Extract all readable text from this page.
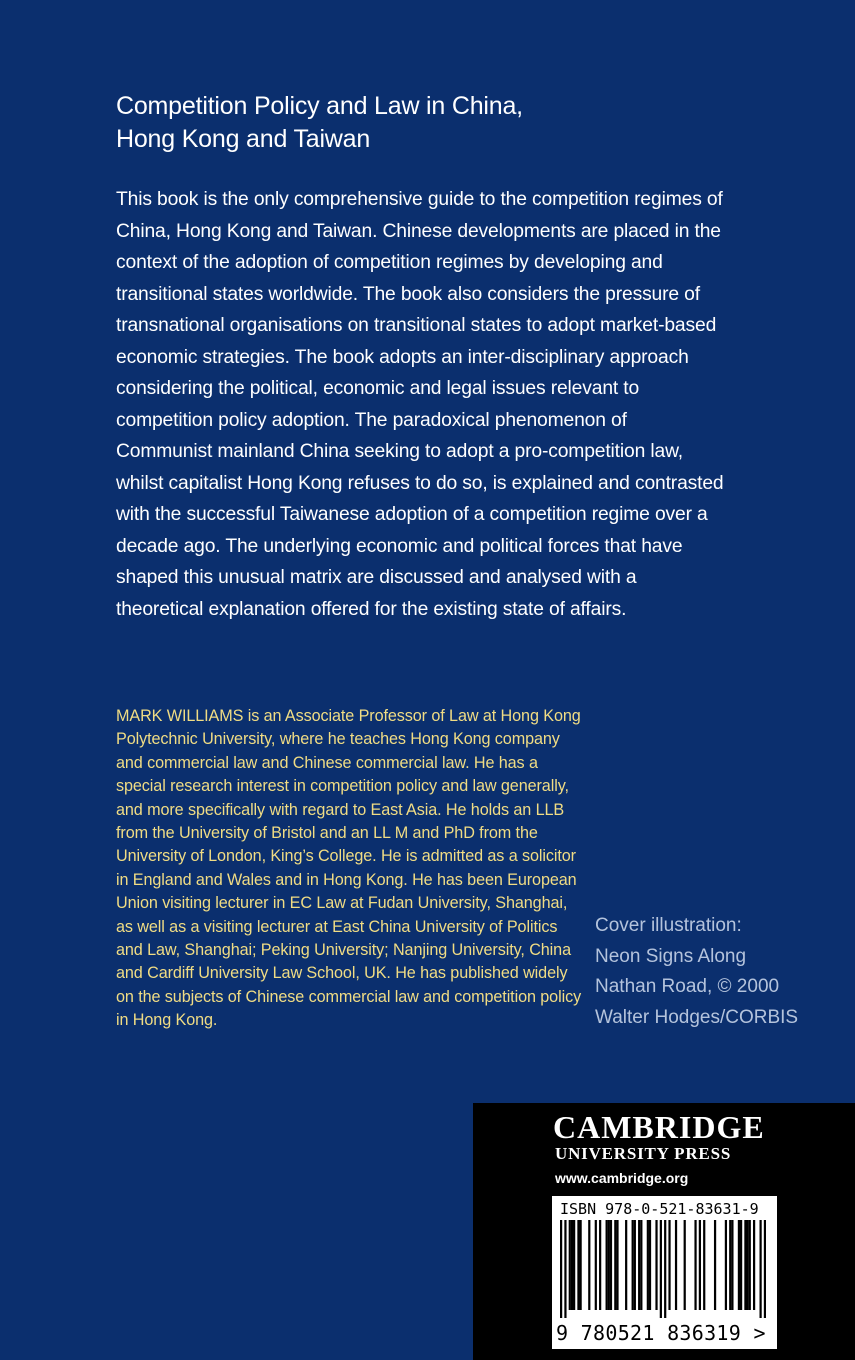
Competition Policy and Law in China,
Hong Kong and Taiwan

This book is the only comprehensive guide to the competition regimes of China, Hong Kong and Taiwan. Chinese developments are placed in the context of the adoption of competition regimes by developing and transitional states worldwide. The book also considers the pressure of transnational organisations on transitional states to adopt market-based economic strategies. The book adopts an inter-disciplinary approach considering the political, economic and legal issues relevant to competition policy adoption. The paradoxical phenomenon of Communist mainland China seeking to adopt a pro-competition law, whilst capitalist Hong Kong refuses to do so, is explained and contrasted with the successful Taiwanese adoption of a competition regime over a decade ago. The underlying economic and political forces that have shaped this unusual matrix are discussed and analysed with a theoretical explanation offered for the existing state of affairs.

MARK WILLIAMS is an Associate Professor of Law at Hong Kong Polytechnic University, where he teaches Hong Kong company and commercial law and Chinese commercial law. He has a special research interest in competition policy and law generally, and more specifically with regard to East Asia. He holds an LLB from the University of Bristol and an LL M and PhD from the University of London, King’s College. He is admitted as a solicitor in England and Wales and in Hong Kong. He has been European Union visiting lecturer in EC Law at Fudan University, Shanghai, as well as a visiting lecturer at East China University of Politics and Law, Shanghai; Peking University; Nanjing University, China and Cardiff University Law School, UK. He has published widely on the subjects of Chinese commercial law and competition policy in Hong Kong.

Cover illustration:
Neon Signs Along
Nathan Road, © 2000
Walter Hodges/CORBIS
CAMBRIDGE
UNIVERSITY PRESS
www.cambridge.org
ISBN 978-0-521-83631-9
9 780521 836319 >
